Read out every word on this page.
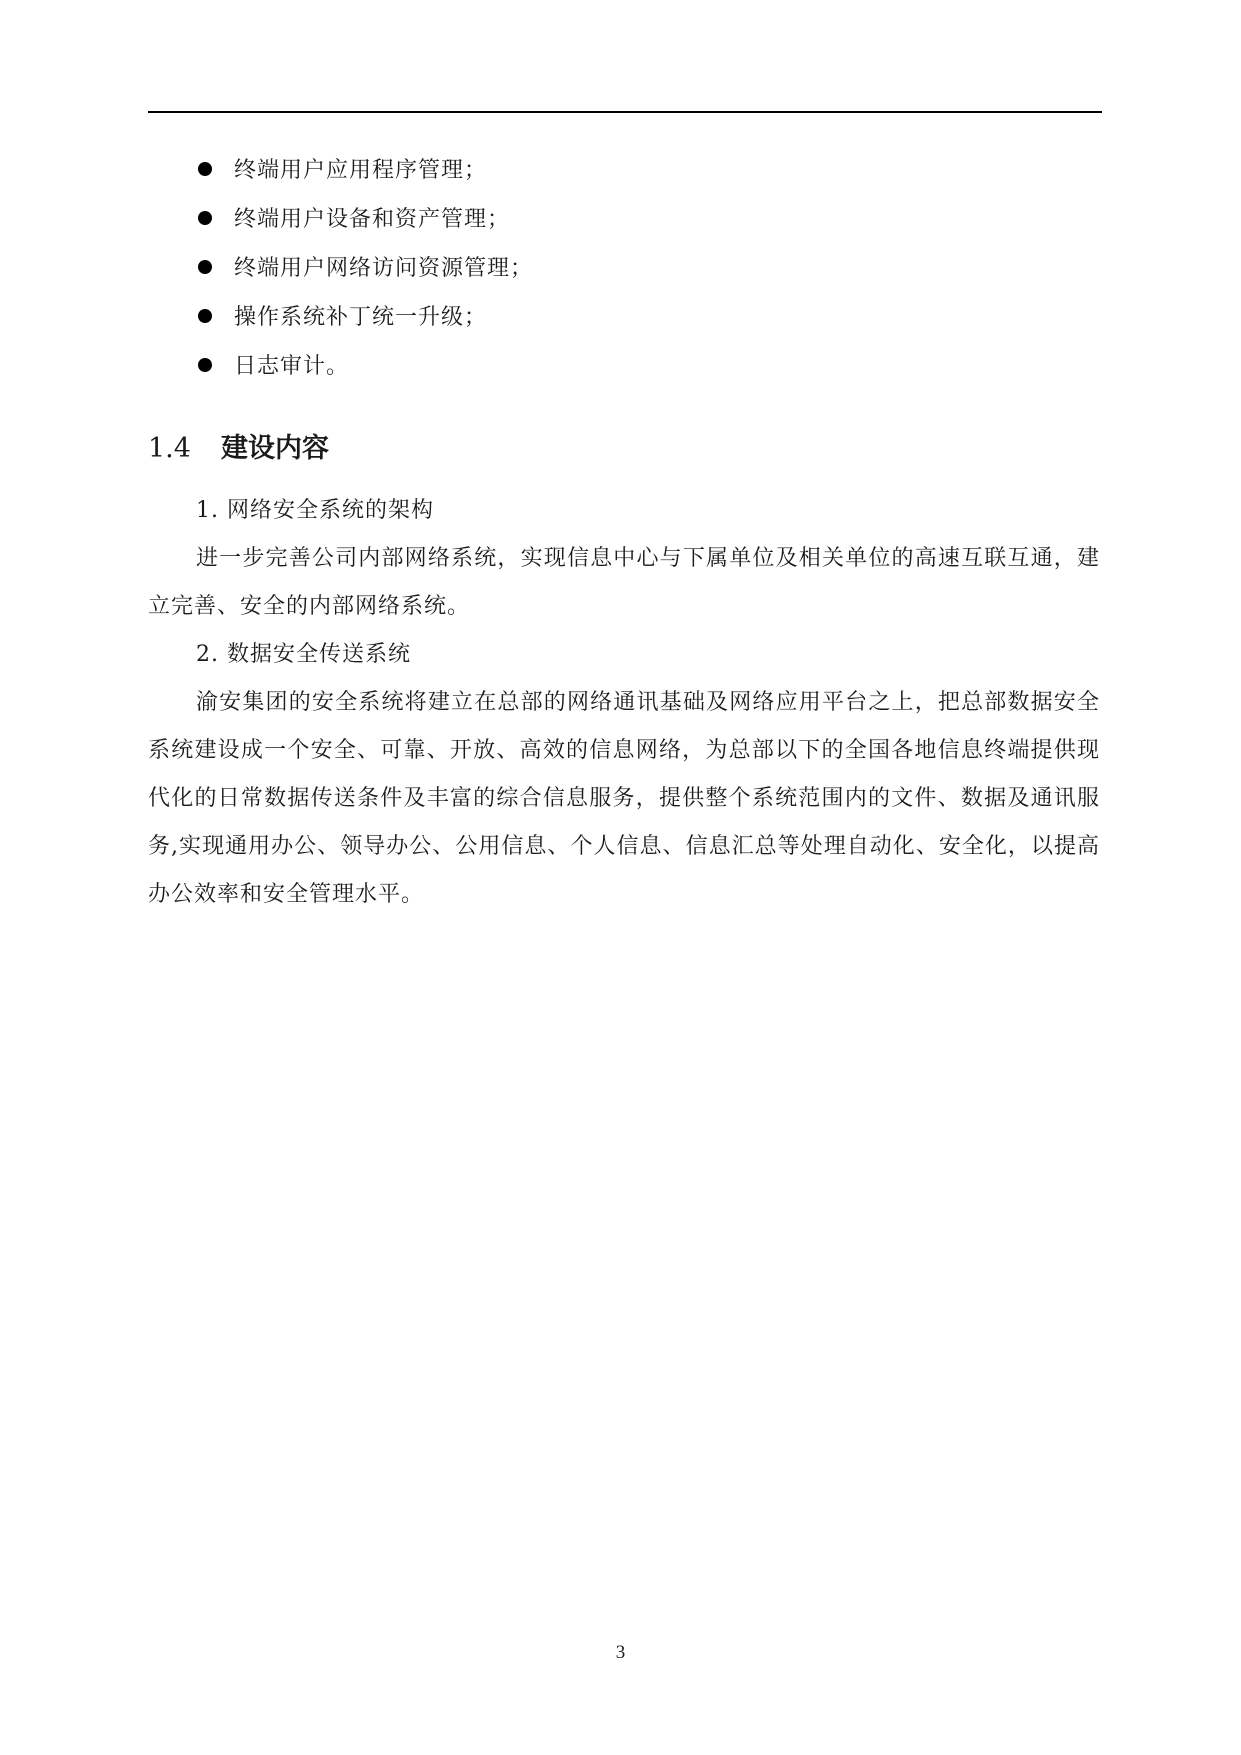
终端用户应用程序管理；
终端用户设备和资产管理；
终端用户网络访问资源管理；
操作系统补丁统一升级；
日志审计。
1.4 建设内容

1. 网络安全系统的架构

进一步完善公司内部网络系统，实现信息中心与下属单位及相关单位的高速互联互通，建立完善、安全的内部网络系统。

2. 数据安全传送系统

渝安集团的安全系统将建立在总部的网络通讯基础及网络应用平台之上，把总部数据安全系统建设成一个安全、可靠、开放、高效的信息网络，为总部以下的全国各地信息终端提供现代化的日常数据传送条件及丰富的综合信息服务，提供整个系统范围内的文件、数据及通讯服务,实现通用办公、领导办公、公用信息、个人信息、信息汇总等处理自动化、安全化，以提高办公效率和安全管理水平。

3
